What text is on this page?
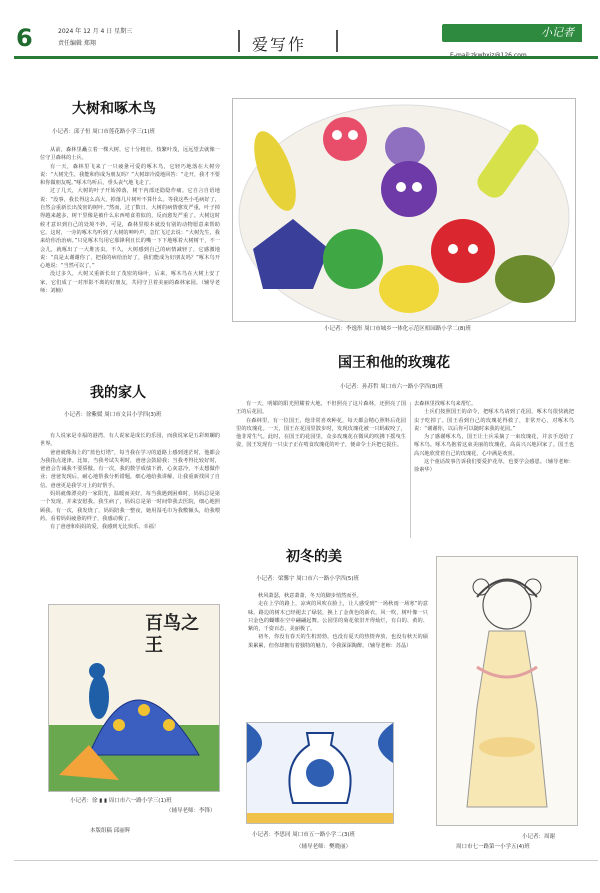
6	2024 年 12 月 4 日 星期三
责任编辑 郑翔	爱写作
小记者
大树和啄木鸟
小记者：邱子恒 周口市莲花路小学三(1)班

从前，森林里矗立着一棵大树，它十分粗壮，枝繁叶茂，远远望去就像一位守卫森林的士兵。

有一天，森林里飞来了一只疲惫可爱的啄木鸟，它轻巧地落在大树旁说：“大树先生，我能和你成为朋友吗？”大树却冷漠地回答：“走开，我才不要和你做朋友呢。”啄木鸟听后，垂头丧气地飞走了。

过了几天，大树的叶子开始掉落，树干内部还隐隐作痛。它自言自语地说：“没事，我长得这么高大，掉落几片树叶不算什么。等我这些小毛病好了，自然会重新长出茂密的树叶。”然而，过了数日，大树的病情愈发严重，叶子掉得越来越多，树干里像是被什么东西啃食着似的，反而愈发严重了。大树这时候才意识到自己的处境不妙，可是，森林里根本就没有别的动物愿意来帮助它。这时，一旁的啄木鸟听到了大树的呻吟声，急忙飞过去说：“大树先生，我来给你治治病。”只见啄木鸟用它那锋利且长的嘴一下下地啄着大树树干，不一会儿，就啄出了一大堆害虫。不久，大树感到自己的病情减轻了，它感激地说：“真是太谢谢你了，把我的病给治好了，我们能成为好朋友吗？”啄木鸟开心地说：“当然可以了。”

没过多久，大树又重新长出了茂密的绿叶，后来，啄木鸟在大树上安了家，它们成了一对形影不离的好朋友，共同守卫着美丽的森林家园。（辅导老师：刘楠）

小记者：李逸彤 周口市城乡一体化示范区梧园路小学二(8)班
国王和他的玫瑰花
小记者：孙苏哲 周口市六一路小学四(8)班

有一天，明媚的阳光照耀着大地，不但照亮了这片森林，还照亮了国王的后花园。

在森林里，有一位国王，他非常喜欢种花，每天都会精心照料后花园里的玫瑰花。一天，国王在花园里散步时，发现玫瑰花被一只蚂蚁咬了，他非常生气。此时，在国王的花园里，众多玫瑰花在微风的吹拂下摇曳生姿，国王发现有一只虫子正在啃食玫瑰花的叶子，便命令士兵把它捉住。

去森林里找啄木鸟来帮忙。

士兵们按照国王的命令，把啄木鸟请到了花园，啄木鸟很快就把虫子吃掉了。国王看到自己的玫瑰花得救了，非常开心，对啄木鸟说：“谢谢你，以后你可以随时来我的花园。”

为了感谢啄木鸟，国王让士兵采摘了一束玫瑰花，并亲手送给了啄木鸟。啄木鸟抱着这束美丽的玫瑰花，高高兴兴地回家了。国王也高兴地欣赏着自己的玫瑰花，心中满是欢喜。

这个童话故事告诉我们要爱护花草，也要学会感恩。（辅导老师：徐素华）

我的家人
小记者：徐紫媛 周口市文昌小学四(3)班

有人说家是幸福的港湾，有人说家是成长的乐园，而我说家是五彩斑斓的世界。

爸爸就像海上的“蓝色灯塔”，每当我在学习的道路上感到迷茫时，他都会为我指点迷津。比如，当我考试失利时，爸爸会鼓励我；当我考得比较好时，爸爸会告诫我不要骄傲。有一次，我的数学成绩下滑，心灰意冷，不太想做作业；爸爸发现后，耐心地帮我分析错题，细心地给我讲解，让我重新找回了自信。爸爸更是我学习上的好帮手。

妈妈就像漂亮的一家阳光，温暖而美好。每当我遇到困难时，妈妈总是第一个发现，并来安慰我。我生病了，妈妈总是第一时间带我去医院，细心地照顾我。有一次，我发烧了，妈妈陪我一整夜，她用湿毛巾为我敷额头，给我喂药。看着妈妈疲惫的样子，我感动极了。

有了爸爸和妈妈的爱，我感到无比快乐、幸福！

百鸟之王
小记者：徐 ▮ ▮ 周口市六一路小学三(1)班
（辅导老师：李锋）
本版组稿 邱丽辉
初冬的美
小记者：梁馨宇 周口市六一路小学四(5)班

秋风萧瑟，秋意萧萧，冬天的脚步悄然而至。

走在上学的路上，凉爽的风吹在脸上，让人感受到“一场秋雨一场寒”的意味。路边的树木已经褪去了绿装，换上了金黄色的新衣，风一吹，树叶像一只只金色的蝴蝶在空中翩翩起舞。公园里的菊花依旧开得灿烂，有白的、黄的、紫的，千姿百态，美丽极了。

初冬，你没有春天的生机勃勃，也没有夏天的热情奔放，也没有秋天的硕果累累，但你却拥有着独特的魅力，令我深深陶醉。（辅导老师：苏晶）

小记者：李思同 周口市五一路小学二(3)班
（辅导老师：樊晓丽）
小记者：周谢
周口市七一路第一小学五(4)班
